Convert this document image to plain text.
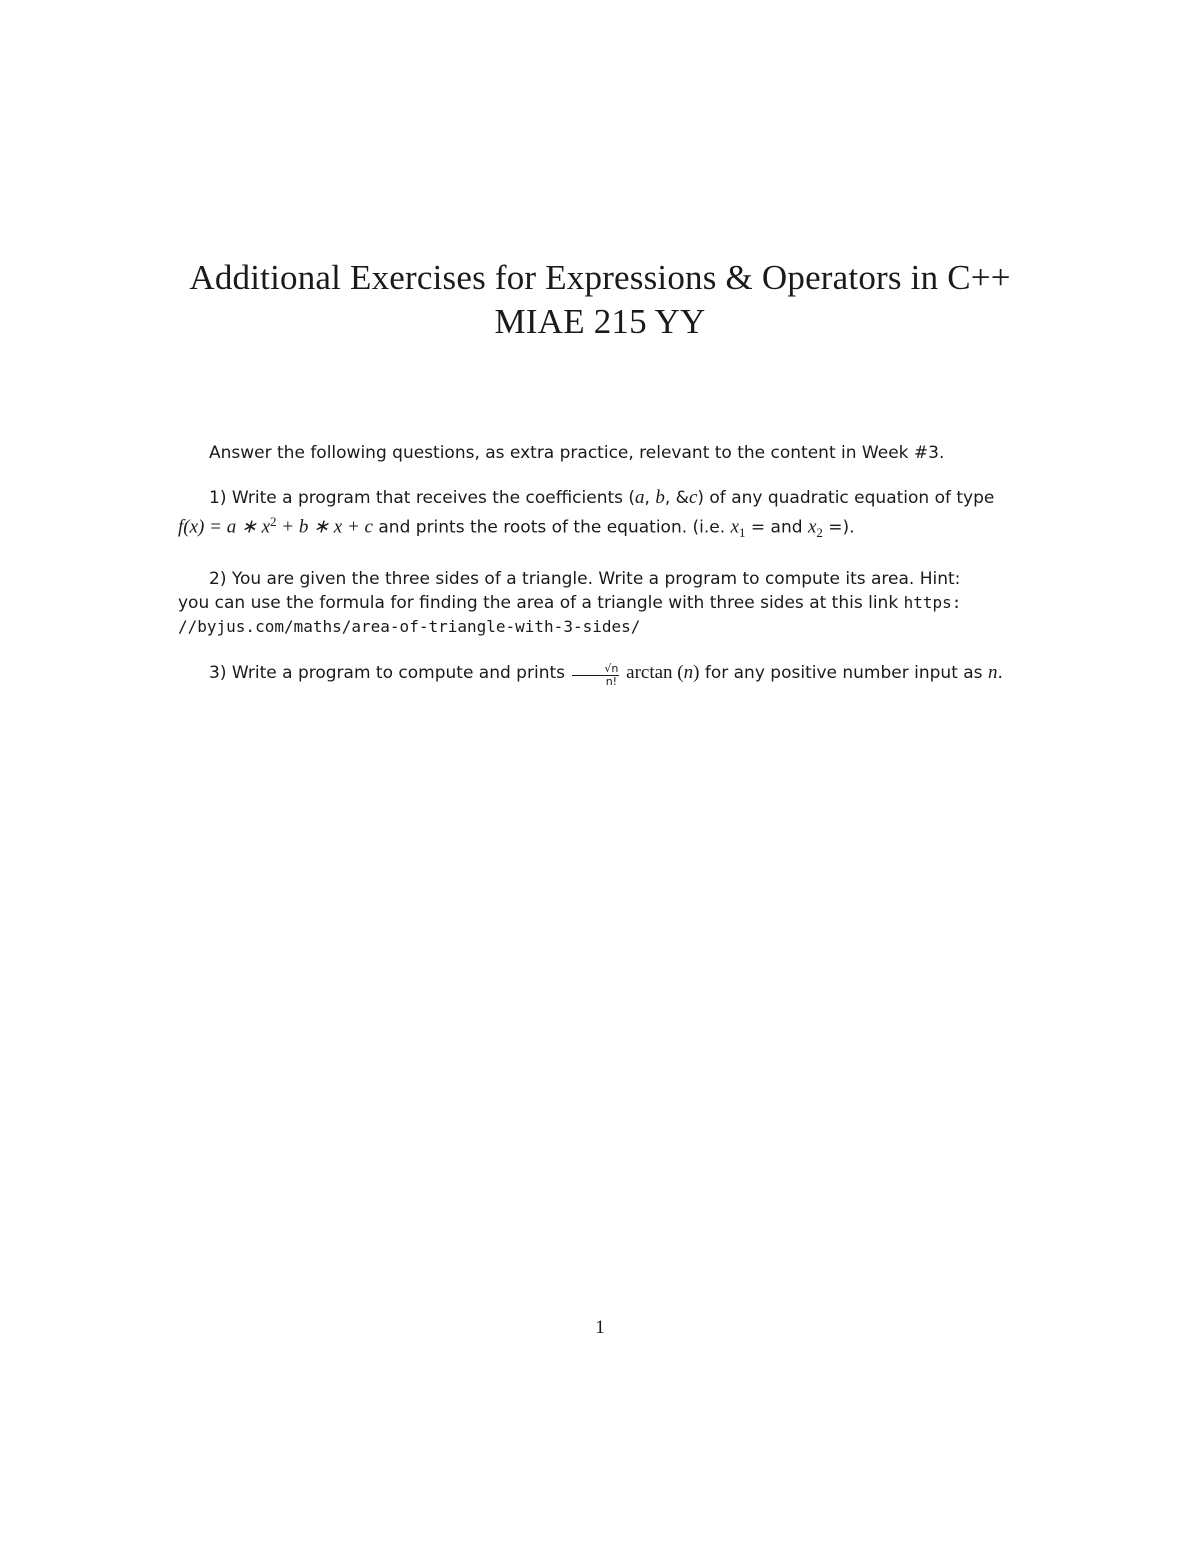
Additional Exercises for Expressions & Operators in C++
MIAE 215 YY

Answer the following questions, as extra practice, relevant to the content in Week #3.

1) Write a program that receives the coefficients (a, b, &c) of any quadratic equation of type
f(x) = a ∗ $x^2 + b$ ∗ x + c and prints the roots of the equation. (i.e. $x_1$ = and $x_2$ =).

2) You are given the three sides of a triangle. Write a program to compute its area. Hint:
you can use the formula for finding the area of a triangle with three sides at this link https:
//byjus.com/maths/area-of-triangle-with-3-sides/

3) Write a program to compute and prints $\frac{√n}{n!}$ arctan (n) for any positive number input as n.

1
